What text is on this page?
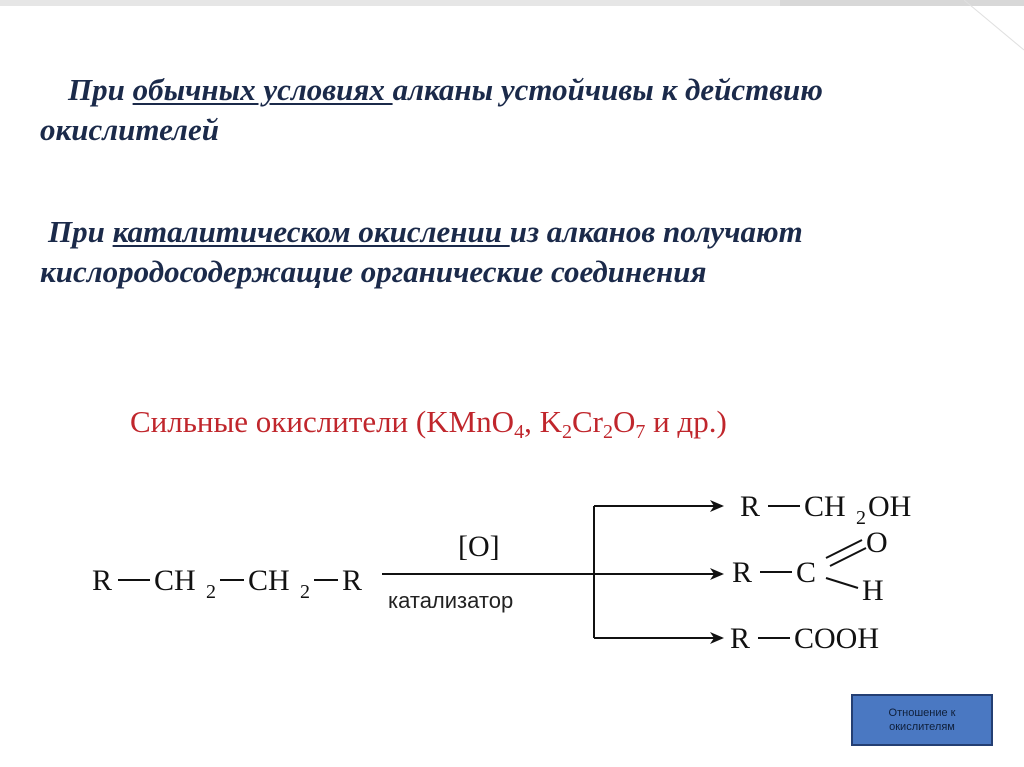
При обычных условиях алканы устойчивы к действию окислителей
При каталитическом окислении из алканов получают кислородосодержащие органические соединения
Сильные окислители (KMnO$_4$, $K_2Cr_2O_7$ и др.)
R CH 2 CH 2 R
[O]
катализатор
R CH 2 OH
R C
O
H
R COOH
Отношение к окислителям
